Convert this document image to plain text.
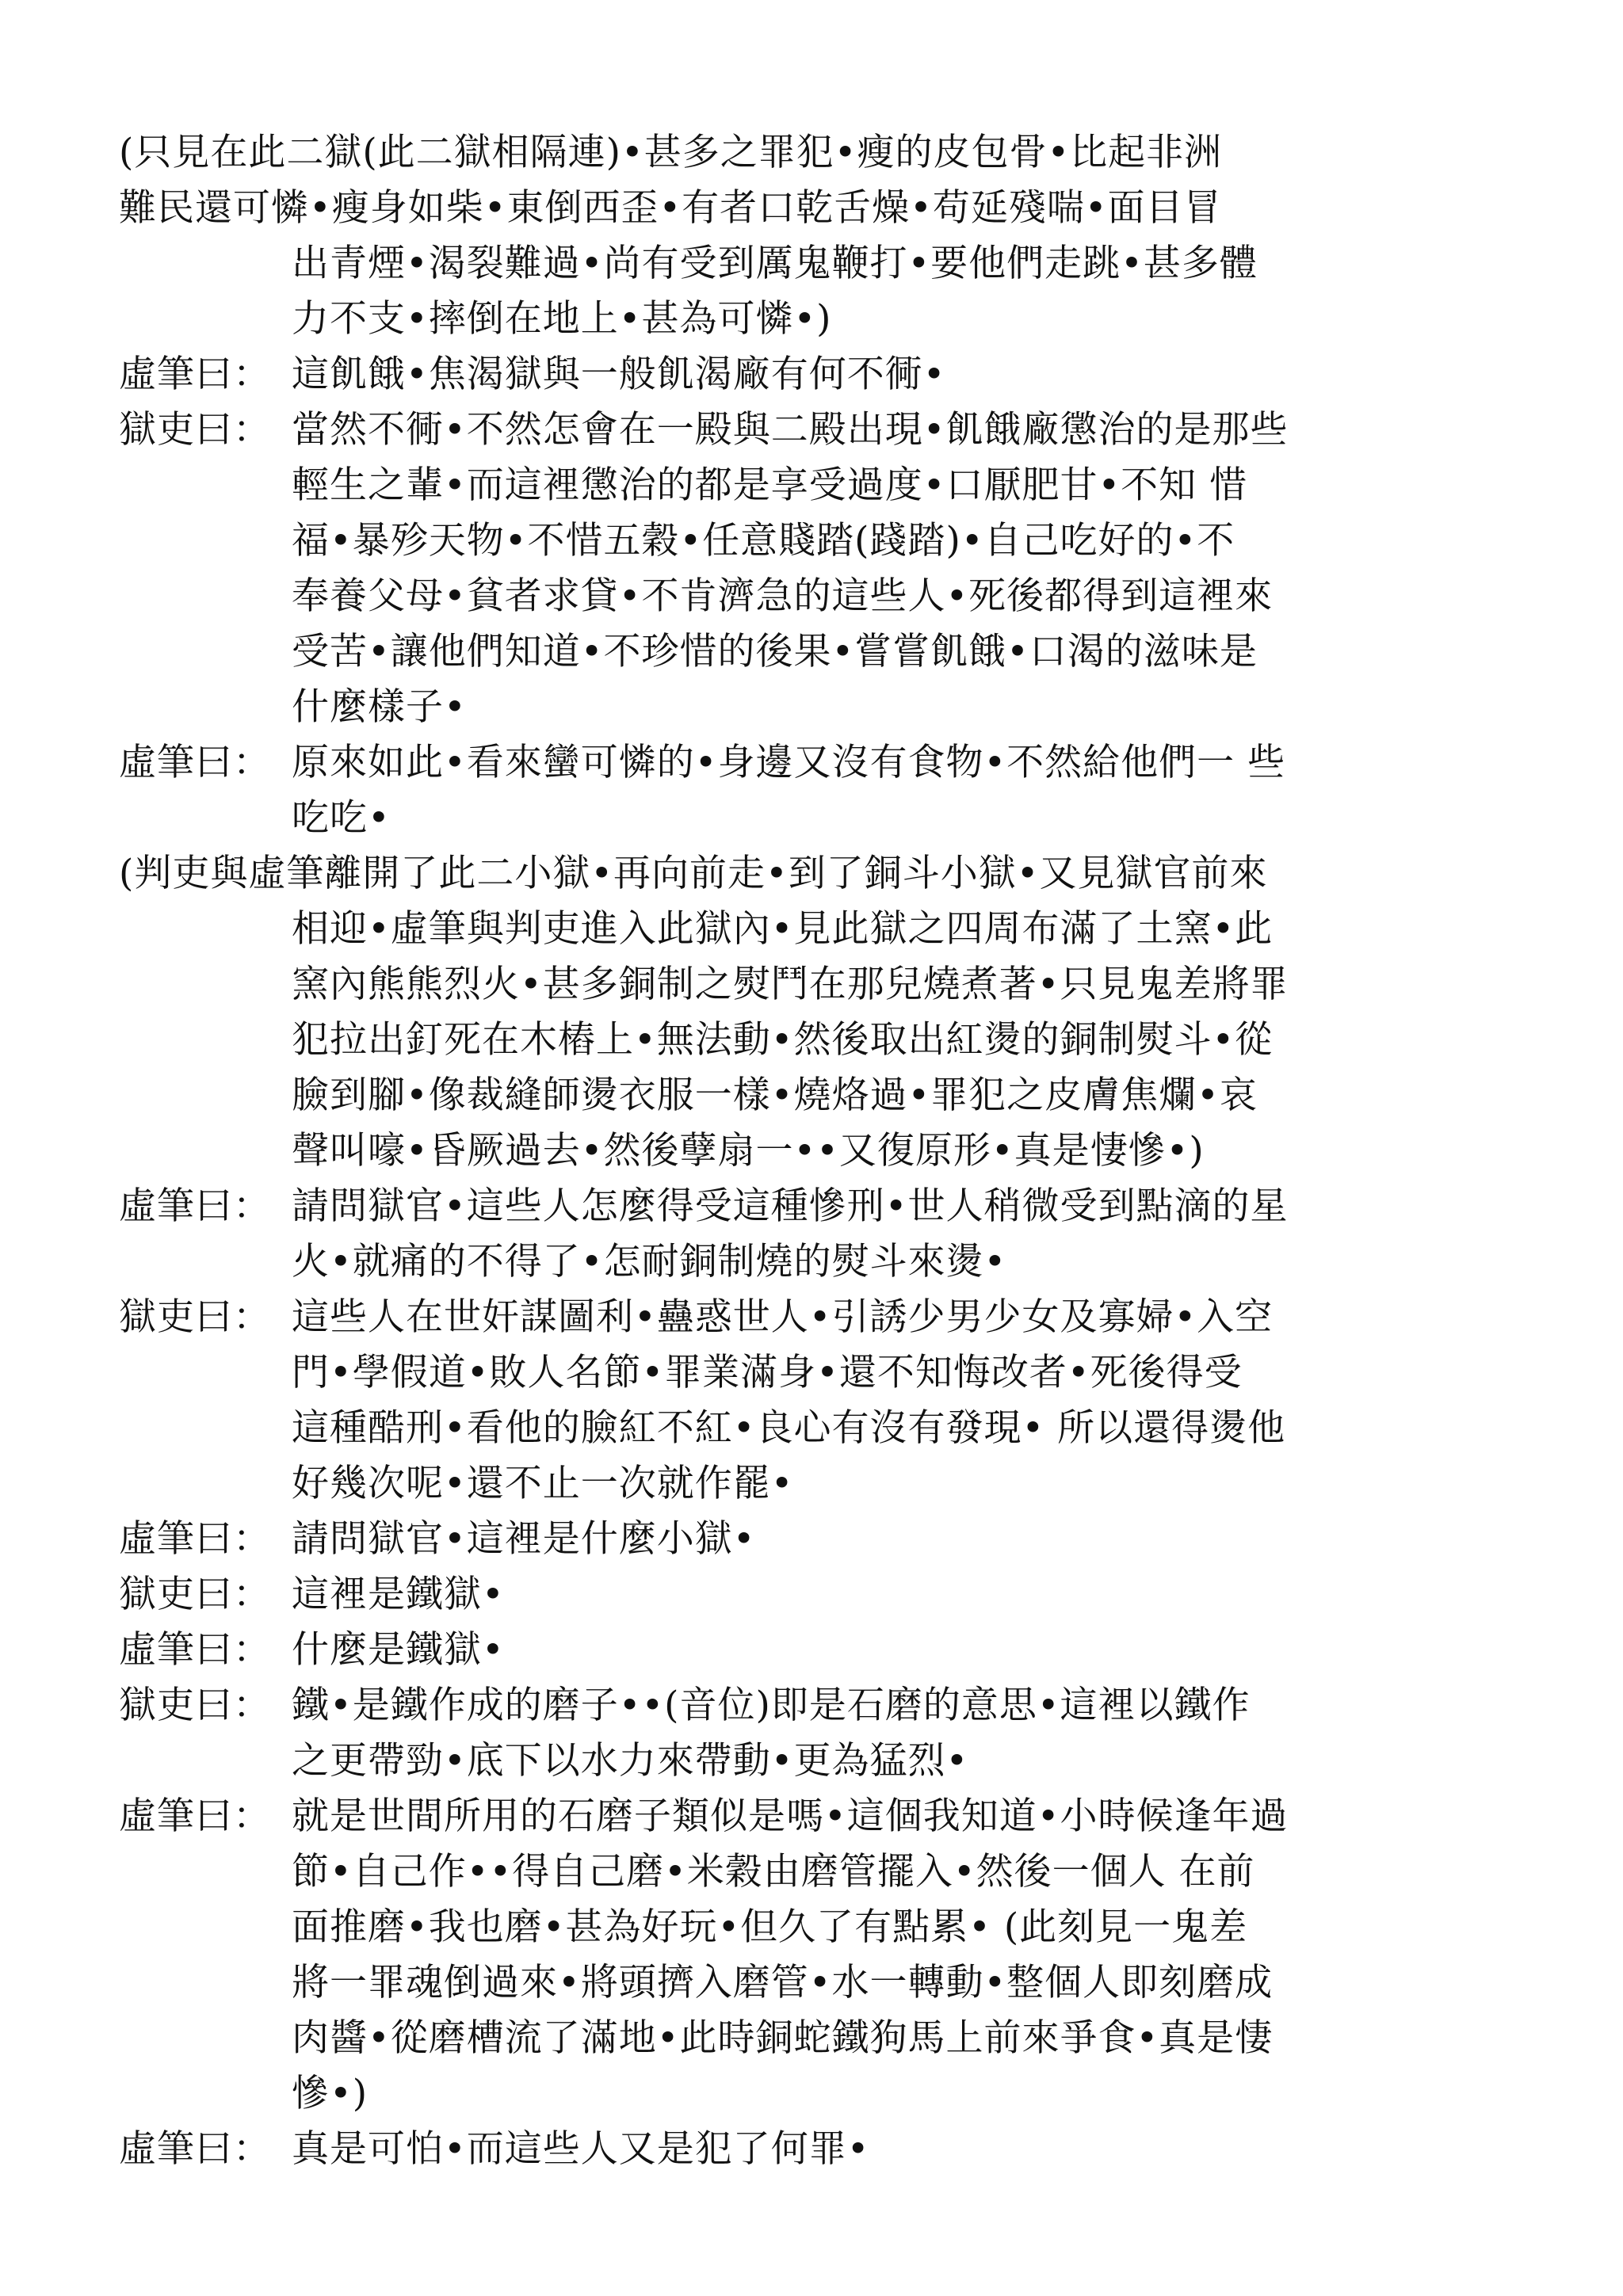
(只見在此二獄(此二獄相隔連)•甚多之罪犯•瘦的皮包骨•比起非洲
難民還可憐•瘦身如柴•東倒西歪•有者口乾舌燥•苟延殘喘•面目冒
出青煙•渴裂難過•尚有受到厲鬼鞭打•要他們走跳•甚多體
力不支•摔倒在地上•甚為可憐•)
虛筆曰： 這飢餓•焦渴獄與一般飢渴廠有何不衕•
獄吏曰： 當然不衕•不然怎會在一殿與二殿出現•飢餓廠懲治的是那些
輕生之輩•而這裡懲治的都是享受過度•口厭肥甘•不知 惜
福•暴殄天物•不惜五穀•任意賤踏(踐踏)•自己吃好的•不
奉養父母•貧者求貸•不肯濟急的這些人•死後都得到這裡來
受苦•讓他們知道•不珍惜的後果•嘗嘗飢餓•口渴的滋味是
什麼樣子•
虛筆曰： 原來如此•看來蠻可憐的•身邊又沒有食物•不然給他們一 些
吃吃•
(判吏與虛筆離開了此二小獄•再向前走•到了銅斗小獄•又見獄官前來
相迎•虛筆與判吏進入此獄內•見此獄之四周布滿了土窯•此
窯內熊熊烈火•甚多銅制之熨鬥在那兒燒煮著•只見鬼差將罪
犯拉出釘死在木樁上•無法動•然後取出紅燙的銅制熨斗•從
臉到腳•像裁縫師燙衣服一樣•燒烙過•罪犯之皮膚焦爛•哀
聲叫嚎•昏厥過去•然後孽扇一••又復原形•真是悽慘•)
虛筆曰： 請問獄官•這些人怎麼得受這種慘刑•世人稍微受到點滴的星
火•就痛的不得了•怎耐銅制燒的熨斗來燙•
獄吏曰： 這些人在世奸謀圖利•蠱惑世人•引誘少男少女及寡婦•入空
門•學假道•敗人名節•罪業滿身•還不知悔改者•死後得受
這種酷刑•看他的臉紅不紅•良心有沒有發現• 所以還得燙他
好幾次呢•還不止一次就作罷•
虛筆曰： 請問獄官•這裡是什麼小獄•
獄吏曰： 這裡是鐵獄•
虛筆曰： 什麼是鐵獄•
獄吏曰： 鐵•是鐵作成的磨子••(音位)即是石磨的意思•這裡以鐵作
之更帶勁•底下以水力來帶動•更為猛烈•
虛筆曰： 就是世間所用的石磨子類似是嗎•這個我知道•小時候逢年過
節•自己作••得自己磨•米穀由磨管擺入•然後一個人 在前
面推磨•我也磨•甚為好玩•但久了有點累• (此刻見一鬼差
將一罪魂倒過來•將頭擠入磨管•水一轉動•整個人即刻磨成
肉醬•從磨槽流了滿地•此時銅蛇鐵狗馬上前來爭食•真是悽
慘•)
虛筆曰： 真是可怕•而這些人又是犯了何罪•
